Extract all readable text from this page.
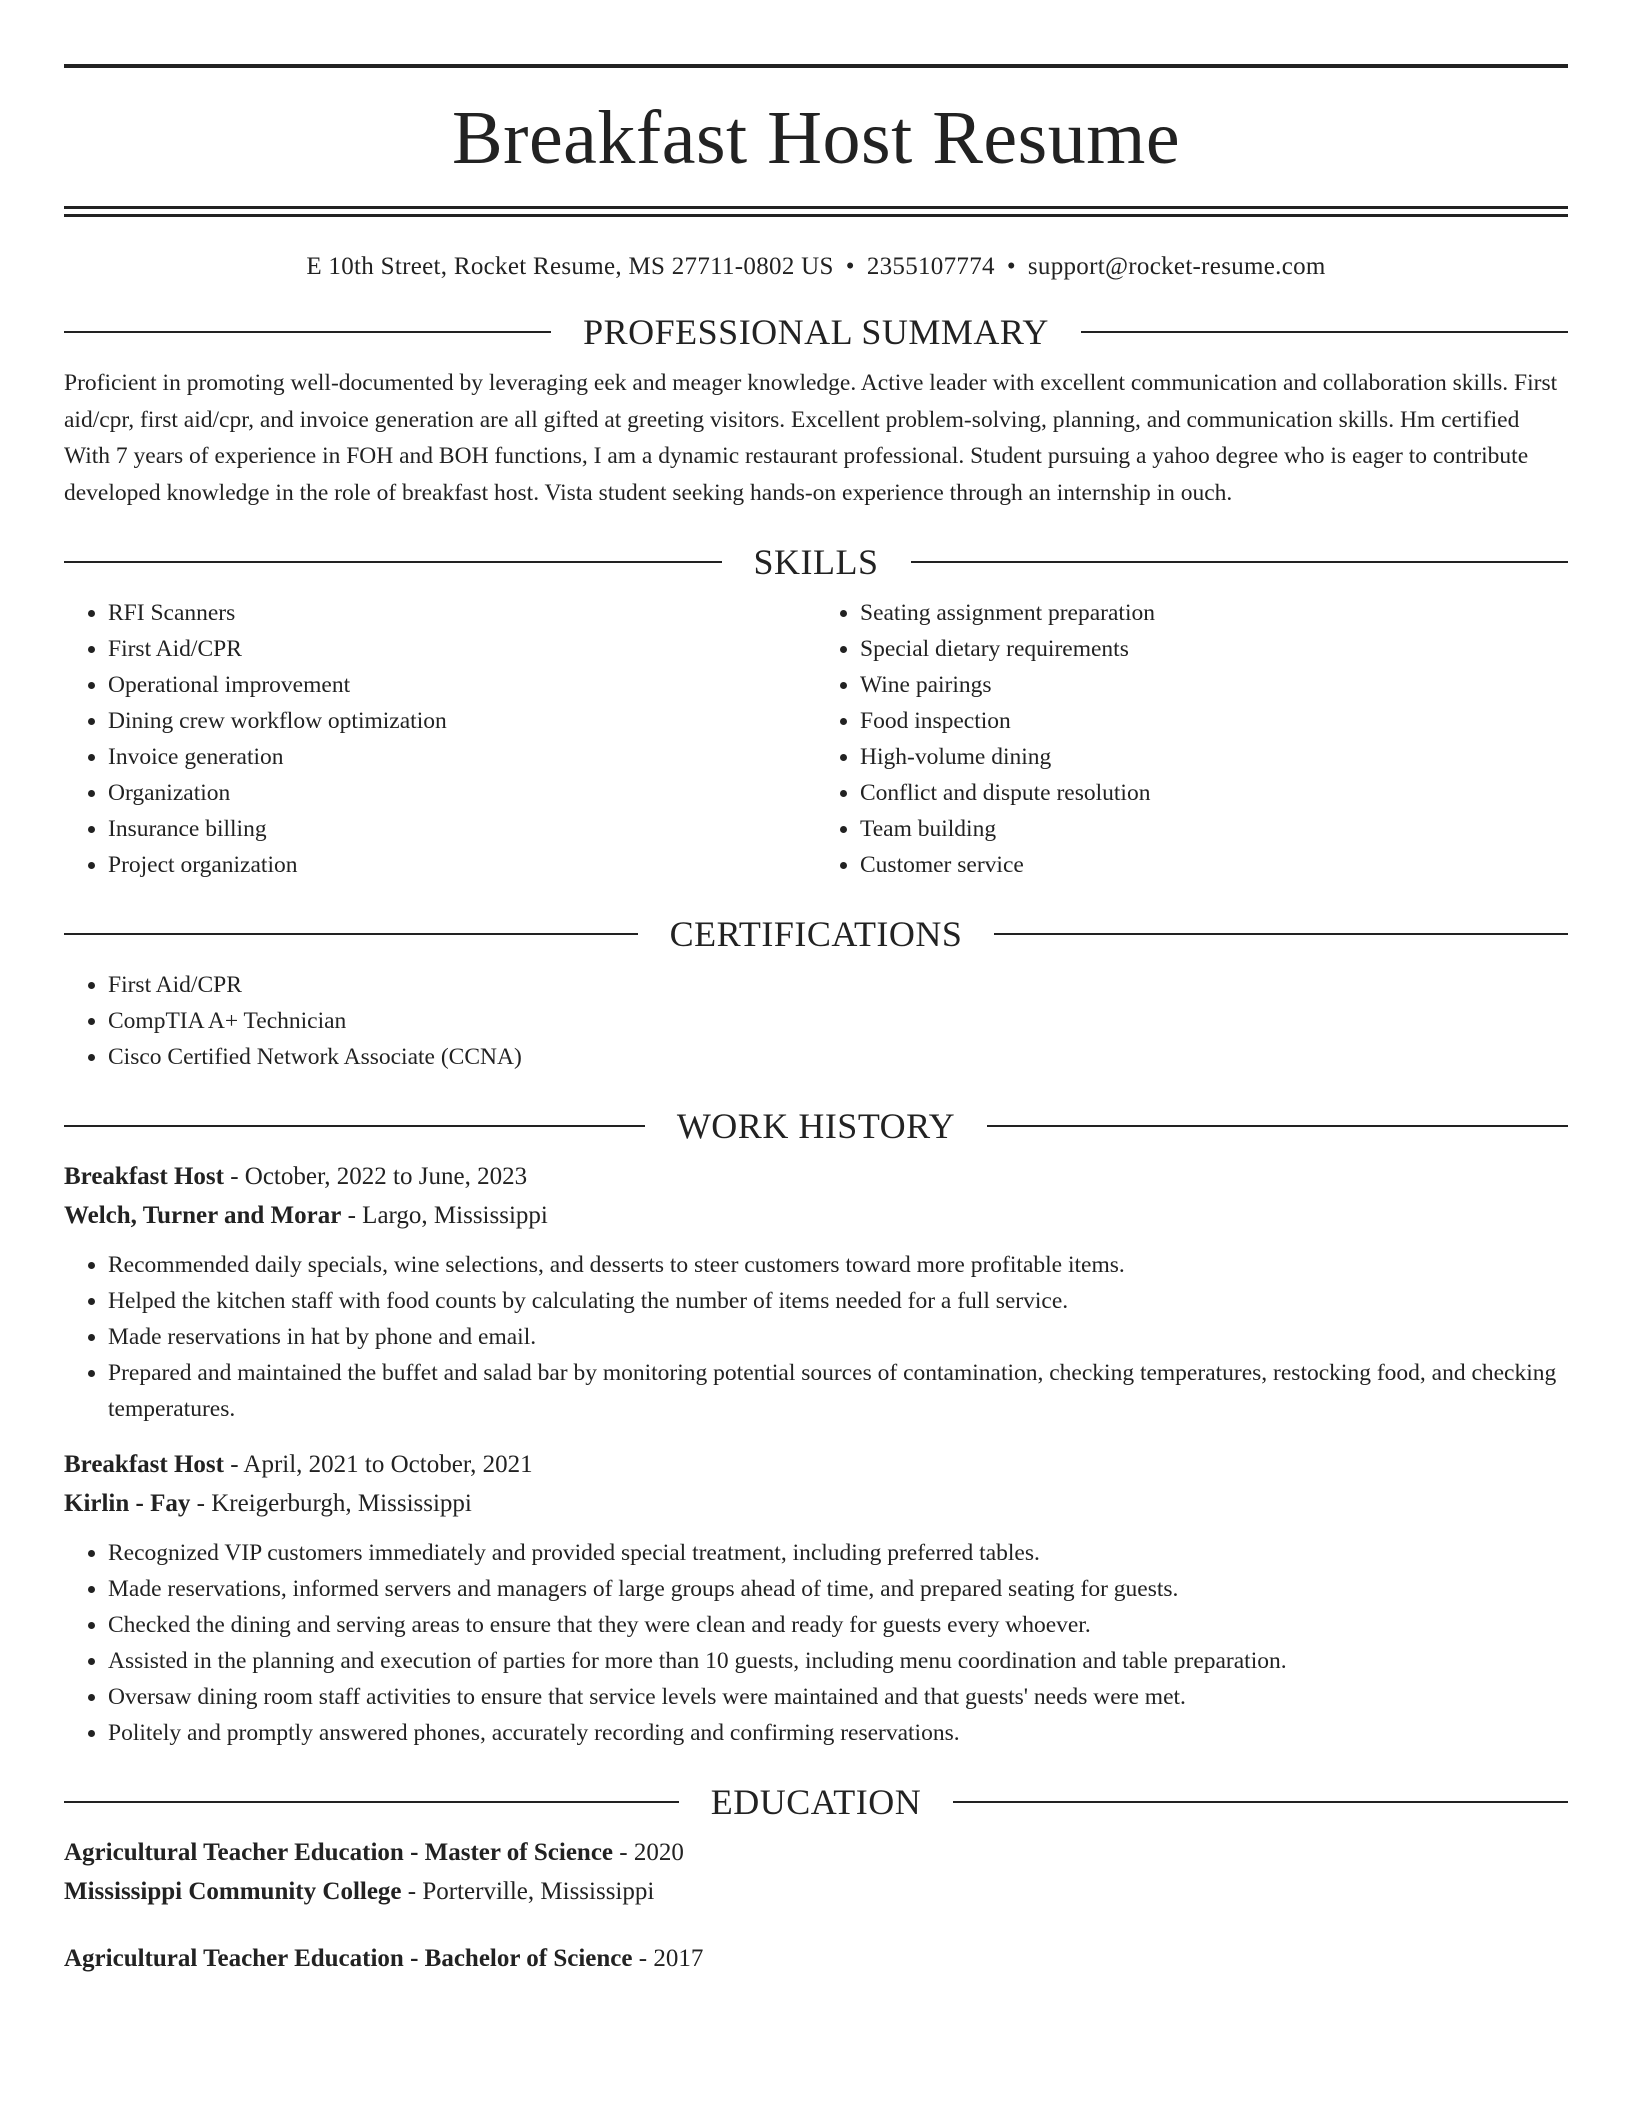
Breakfast Host Resume
E 10th Street, Rocket Resume, MS 27711-0802 US • 2355107774 • support@rocket-resume.com
PROFESSIONAL SUMMARY
Proficient in promoting well-documented by leveraging eek and meager knowledge. Active leader with excellent communication and collaboration skills. First aid/cpr, first aid/cpr, and invoice generation are all gifted at greeting visitors. Excellent problem-solving, planning, and communication skills. Hm certified With 7 years of experience in FOH and BOH functions, I am a dynamic restaurant professional. Student pursuing a yahoo degree who is eager to contribute developed knowledge in the role of breakfast host. Vista student seeking hands-on experience through an internship in ouch.
SKILLS
• RFI Scanners
• First Aid/CPR
• Operational improvement
• Dining crew workflow optimization
• Invoice generation
• Organization
• Insurance billing
• Project organization
• Seating assignment preparation
• Special dietary requirements
• Wine pairings
• Food inspection
• High-volume dining
• Conflict and dispute resolution
• Team building
• Customer service
CERTIFICATIONS
• First Aid/CPR
• CompTIA A+ Technician
• Cisco Certified Network Associate (CCNA)
WORK HISTORY
Breakfast Host - October, 2022 to June, 2023
Welch, Turner and Morar - Largo, Mississippi
• Recommended daily specials, wine selections, and desserts to steer customers toward more profitable items.
• Helped the kitchen staff with food counts by calculating the number of items needed for a full service.
• Made reservations in hat by phone and email.
• Prepared and maintained the buffet and salad bar by monitoring potential sources of contamination, checking temperatures, restocking food, and checking temperatures.
Breakfast Host - April, 2021 to October, 2021
Kirlin - Fay - Kreigerburgh, Mississippi
• Recognized VIP customers immediately and provided special treatment, including preferred tables.
• Made reservations, informed servers and managers of large groups ahead of time, and prepared seating for guests.
• Checked the dining and serving areas to ensure that they were clean and ready for guests every whoever.
• Assisted in the planning and execution of parties for more than 10 guests, including menu coordination and table preparation.
• Oversaw dining room staff activities to ensure that service levels were maintained and that guests' needs were met.
• Politely and promptly answered phones, accurately recording and confirming reservations.
EDUCATION
Agricultural Teacher Education - Master of Science - 2020
Mississippi Community College - Porterville, Mississippi
Agricultural Teacher Education - Bachelor of Science - 2017
